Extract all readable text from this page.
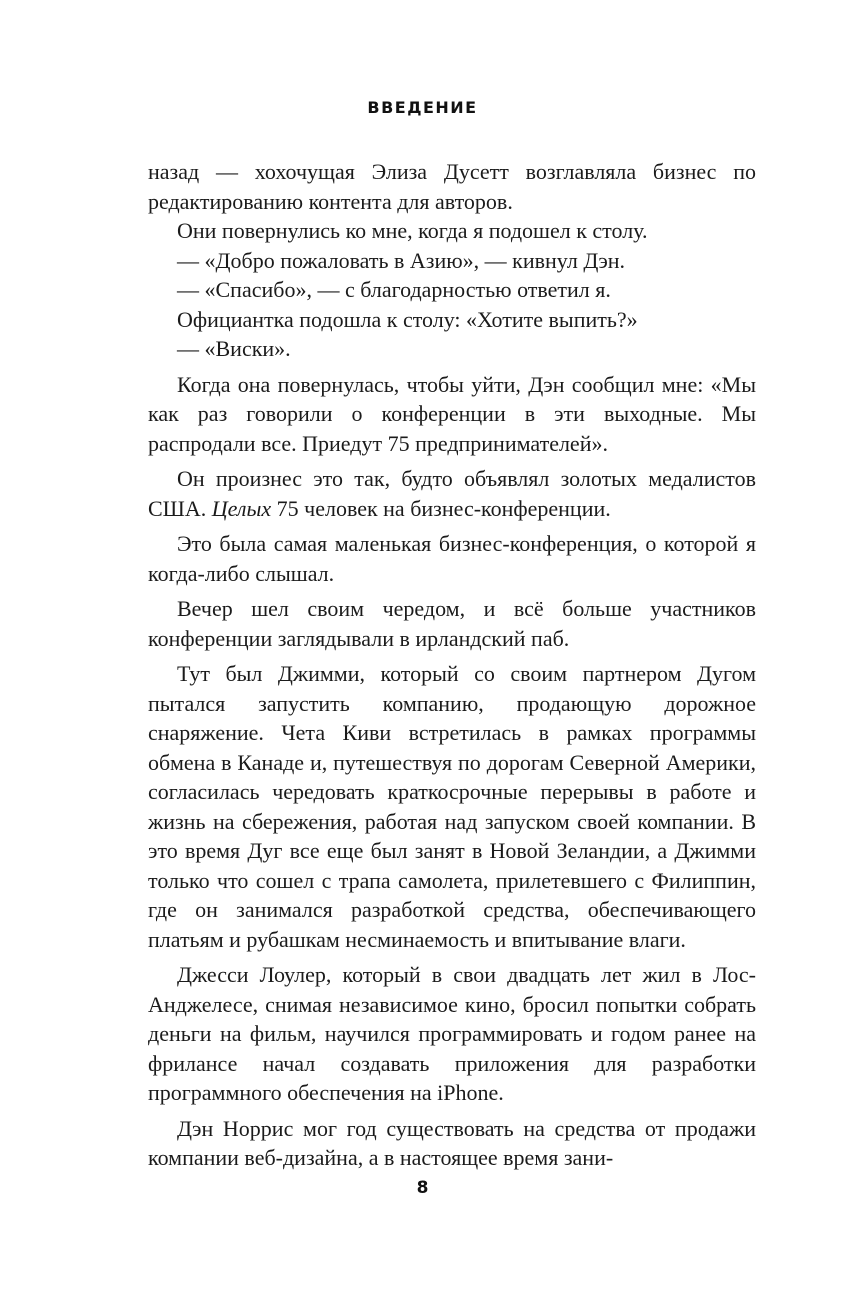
ВВЕДЕНИЕ

назад — хохочущая Элиза Дусетт возглавляла бизнес по редактированию контента для авторов.

Они повернулись ко мне, когда я подошел к столу.

— «Добро пожаловать в Азию», — кивнул Дэн.

— «Спасибо», — с благодарностью ответил я.

Официантка подошла к столу: «Хотите выпить?»

— «Виски».

Когда она повернулась, чтобы уйти, Дэн сообщил мне: «Мы как раз говорили о конференции в эти выходные. Мы распродали все. Приедут 75 предпринимателей».

Он произнес это так, будто объявлял золотых медалистов США. Целых 75 человек на бизнес-конференции.

Это была самая маленькая бизнес-конференция, о которой я когда-либо слышал.

Вечер шел своим чередом, и всё больше участников конференции заглядывали в ирландский паб.

Тут был Джимми, который со своим партнером Дугом пытался запустить компанию, продающую дорожное снаряжение. Чета Киви встретилась в рамках программы обмена в Канаде и, путешествуя по дорогам Северной Америки, согласилась чередовать краткосрочные перерывы в работе и жизнь на сбережения, работая над запуском своей компании. В это время Дуг все еще был занят в Новой Зеландии, а Джимми только что сошел с трапа самолета, прилетевшего с Филиппин, где он занимался разработкой средства, обеспечивающего платьям и рубашкам несминаемость и впитывание влаги.

Джесси Лоулер, который в свои двадцать лет жил в Лос-Анджелесе, снимая независимое кино, бросил попытки собрать деньги на фильм, научился программировать и годом ранее на фрилансе начал создавать приложения для разработки программного обеспечения на iPhone.

Дэн Норрис мог год существовать на средства от продажи компании веб-дизайна, а в настоящее время зани-

8
